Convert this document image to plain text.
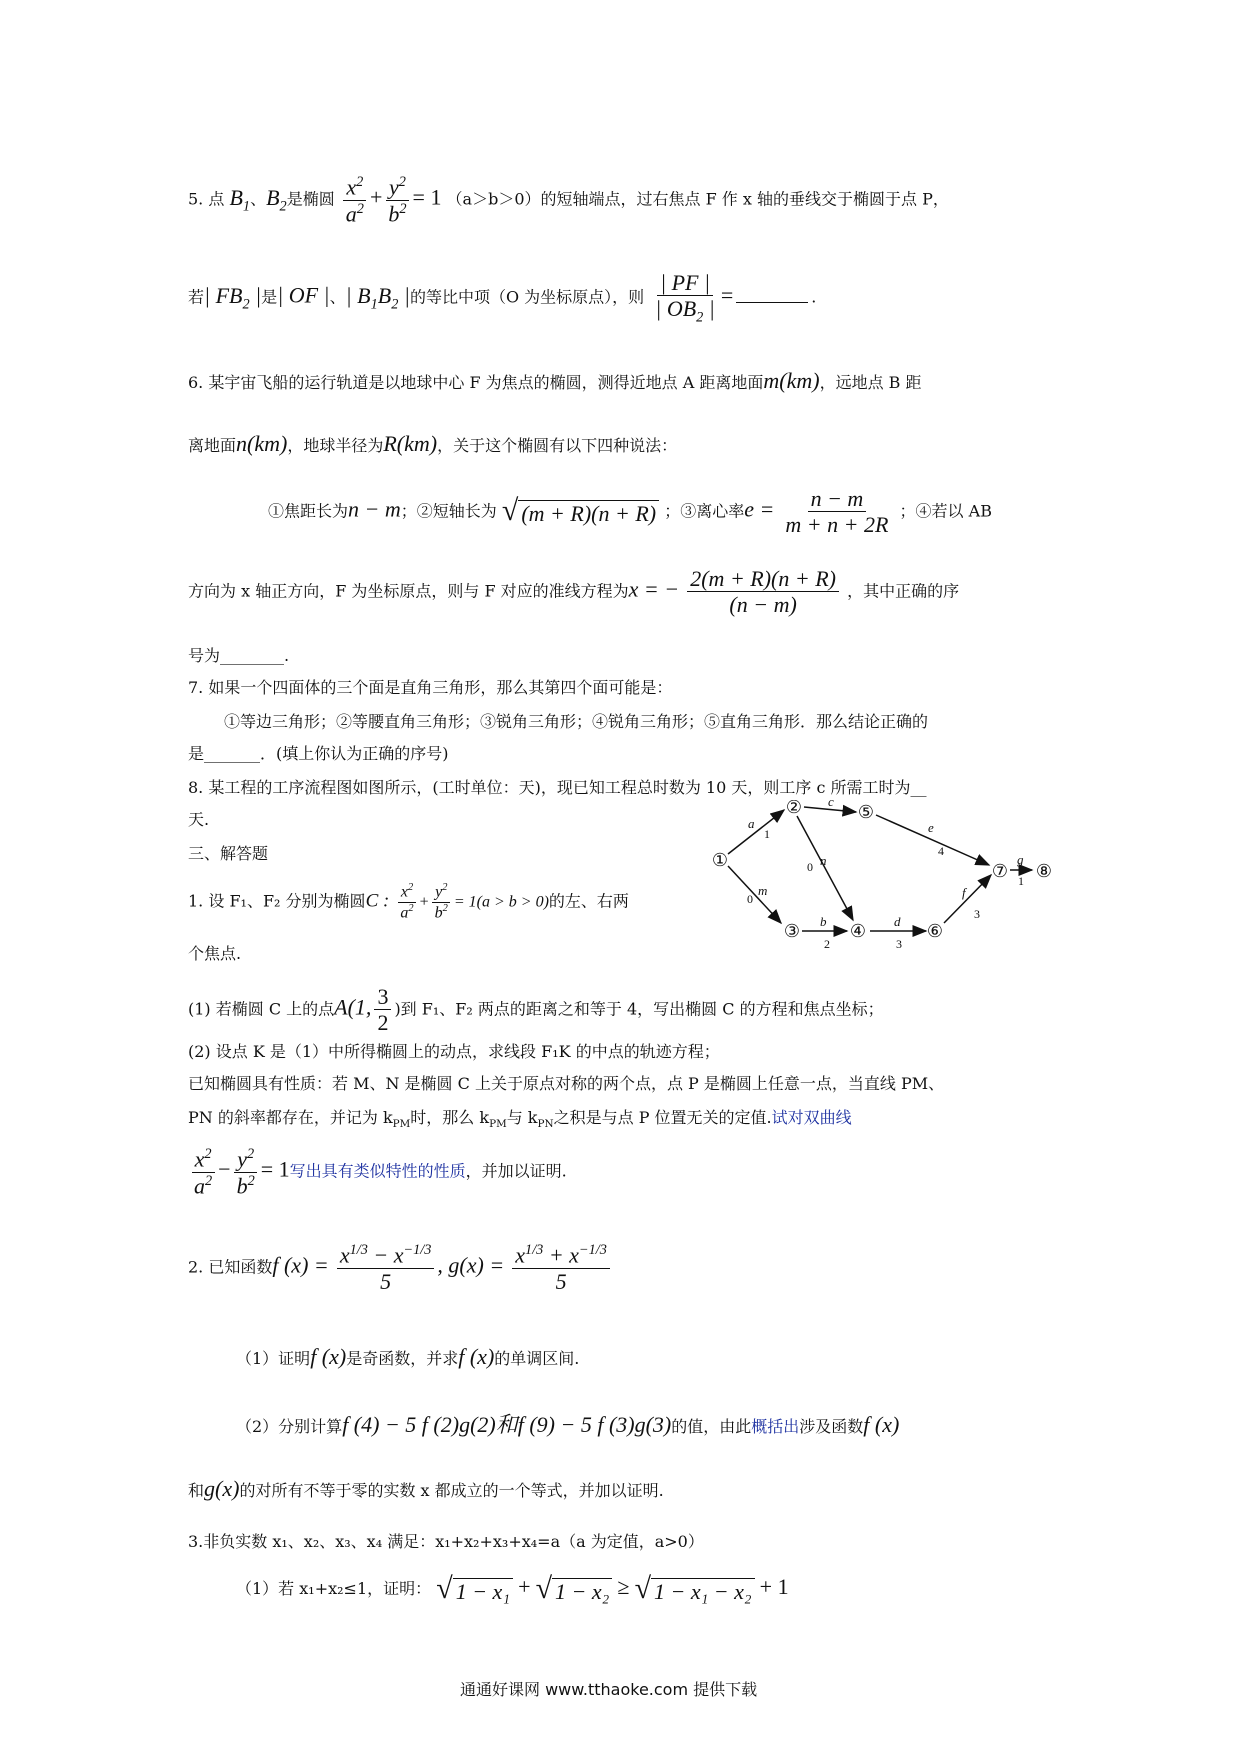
5. 点 $B_1$、$B_2$是椭圆 $\frac{x^2}{a^2} + \frac{y^2}{b^2} = 1$ （a＞b＞0）的短轴端点，过右焦点 F 作 x 轴的垂线交于椭圆于点 P，
若| $FB_2$ |是| OF |、| $B_1B_2$ |的等比中项（O 为坐标原点），则 $\frac{| PF |}{| OB_2 |}$ =	.
6. 某宇宙飞船的运行轨道是以地球中心 F 为焦点的椭圆，测得近地点 A 距离地面m(km)，远地点 B 距
离地面n(km)，地球半径为R(km)，关于这个椭圆有以下四种说法：
①焦距长为n − m；②短轴长为 √ (m + R)(n + R) ；③离心率$e = \frac{n - m}{m + n + 2R}$ ；④若以 AB
方向为 x 轴正方向，F 为坐标原点，则与 F 对应的准线方程为x = − $\frac{2(m + R)(n + R)}{(n - m)}$ ，其中正确的序
号为________.
7. 如果一个四面体的三个面是直角三角形，那么其第四个面可能是：
①等边三角形；②等腰直角三角形；③锐角三角形；④锐角三角形；⑤直角三角形．那么结论正确的
是_______．(填上你认为正确的序号)
8. 某工程的工序流程图如图所示，(工时单位：天)，现已知工程总时数为 10 天，则工序 c 所需工时为__
天.
①
②
③	④
⑤
⑥
⑦ ⑧
a
m
n
c
e
b	d
f
g
1
0
0
4
2	3
3
1
三、解答题
1. 设 F₁、F₂ 分别为椭圆C : $\frac{x^2}{a^2} + \frac{y^2}{b^2} = 1(a > b > 0)$的左、右两
个焦点.
(1) 若椭圆 C 上的点A(1, $\frac{3}{2}$ )到 F₁、F₂ 两点的距离之和等于 4，写出椭圆 C 的方程和焦点坐标；
(2) 设点 K 是（1）中所得椭圆上的动点，求线段 F₁K 的中点的轨迹方程；
已知椭圆具有性质：若 M、N 是椭圆 C 上关于原点对称的两个点，点 P 是椭圆上任意一点，当直线 PM、
PN 的斜率都存在，并记为 $k_{PM}$时，那么 $k_{PM}$与 $k_{PN}$之积是与点 P 位置无关的定值.试对双曲线
$\frac{x^2}{a^2} - \frac{y^2}{b^2} = 1$写出具有类似特性的性质，并加以证明.
2. 已知函数f $(x) = \frac{x^{1/3} - x^{-1/3}}{5}$ , $g(x) = \frac{x^{1/3} + x^{-1/3}}{5}$
（1）证明f (x)是奇函数，并求f (x)的单调区间.
（2）分别计算f (4) − 5 f (2)g(2)和f (9) − 5 f (3)g(3)的值，由此概括出涉及函数f (x)
和g(x)的对所有不等于零的实数 x 都成立的一个等式，并加以证明.
3.非负实数 x₁、x₂、x₃、x₄ 满足：x₁+x₂+x₃+x₄=a（a 为定值，a>0）
（1）若 x₁+x₂≤1，证明： √ 1 − x₁ + √ 1 − x₂ ≥ √ 1 − x₁ − x₂ + 1
通通好课网 www.tthaoke.com 提供下载
